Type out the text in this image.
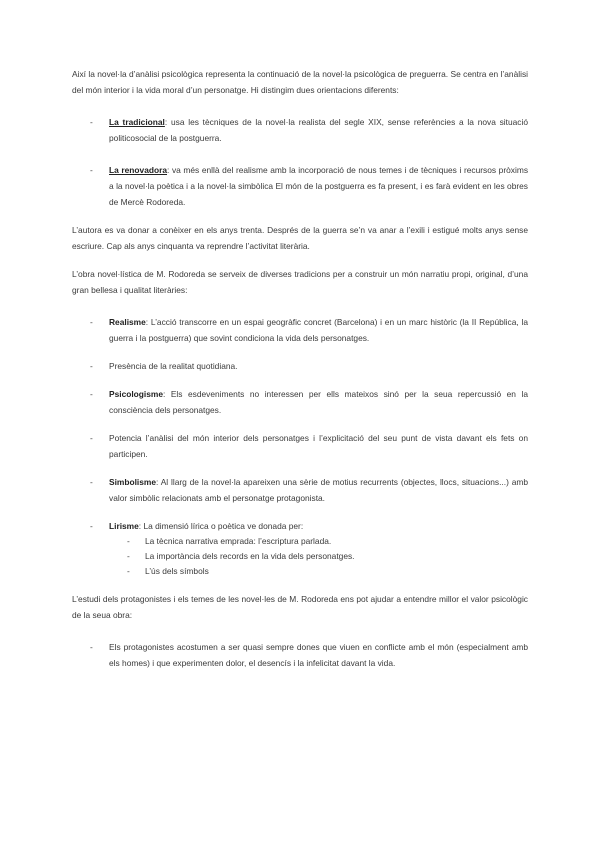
Així la novel·la d’anàlisi psicològica representa la continuació de la novel·la psicològica de preguerra. Se centra en l’anàlisi del món interior i la vida moral d’un personatge. Hi distingim dues orientacions diferents:

- La tradicional: usa les tècniques de la novel·la realista del segle XIX, sense referències a la nova situació politicosocial de la postguerra.
- La renovadora: va més enllà del realisme amb la incorporació de nous temes i de tècniques i recursos pròxims a la novel·la poètica i a la novel·la simbòlica El món de la postguerra es fa present, i es farà evident en les obres de Mercè Rodoreda.

L’autora es va donar a conèixer en els anys trenta. Després de la guerra se’n va anar a l’exili i estigué molts anys sense escriure. Cap als anys cinquanta va reprendre l’activitat literària.

L’obra novel·lística de M. Rodoreda se serveix de diverses tradicions per a construir un món narratiu propi, original, d’una gran bellesa i qualitat literàries:

- Realisme: L’acció transcorre en un espai geogràfic concret (Barcelona) i en un marc històric (la II República, la guerra i la postguerra) que sovint condiciona la vida dels personatges.
- Presència de la realitat quotidiana.
- Psicologisme: Els esdeveniments no interessen per ells mateixos sinó per la seua repercussió en la consciència dels personatges.
- Potencia l’anàlisi del món interior dels personatges i l’explicitació del seu punt de vista davant els fets on participen.
- Simbolisme: Al llarg de la novel·la apareixen una sèrie de motius recurrents (objectes, llocs, situacions...) amb valor simbòlic relacionats amb el personatge protagonista.
- Lirisme: La dimensió lírica o poètica ve donada per:
- La tècnica narrativa emprada: l’escriptura parlada.
- La importància dels records en la vida dels personatges.
- L’ús dels símbols

L’estudi dels protagonistes i els temes de les novel·les de M. Rodoreda ens pot ajudar a entendre millor el valor psicològic de la seua obra:

- Els protagonistes acostumen a ser quasi sempre dones que viuen en conflicte amb el món (especialment amb els homes) i que experimenten dolor, el desencís i la infelicitat davant la vida.
